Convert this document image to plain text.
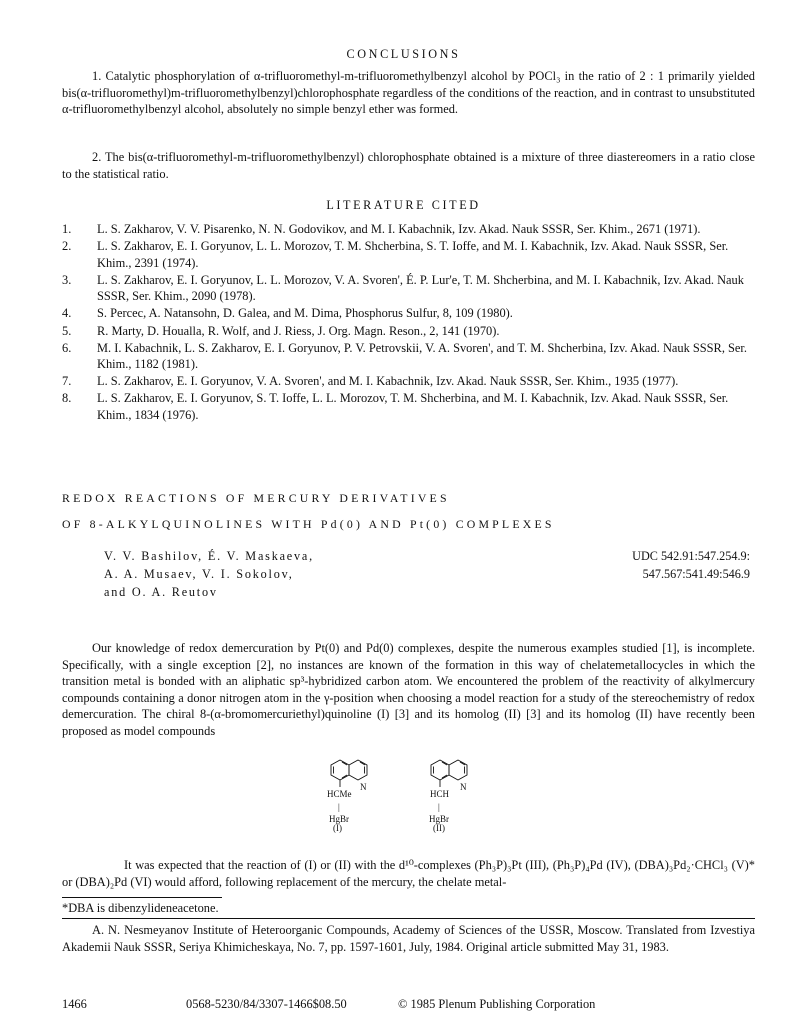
CONCLUSIONS

1. Catalytic phosphorylation of α-trifluoromethyl-m-trifluoromethylbenzyl alcohol by POCl₃ in the ratio of 2 : 1 primarily yielded bis(α-trifluoromethyl)m-trifluoromethylbenzyl)chlorophosphate regardless of the conditions of the reaction, and in contrast to unsubstituted α-trifluoromethylbenzyl alcohol, absolutely no simple benzyl ether was formed.

2. The bis(α-trifluoromethyl-m-trifluoromethylbenzyl) chlorophosphate obtained is a mixture of three diastereomers in a ratio close to the statistical ratio.

LITERATURE CITED
1. L. S. Zakharov, V. V. Pisarenko, N. N. Godovikov, and M. I. Kabachnik, Izv. Akad. Nauk SSSR, Ser. Khim., 2671 (1971).
2. L. S. Zakharov, E. I. Goryunov, L. L. Morozov, T. M. Shcherbina, S. T. Ioffe, and M. I. Kabachnik, Izv. Akad. Nauk SSSR, Ser. Khim., 2391 (1974).
3. L. S. Zakharov, E. I. Goryunov, L. L. Morozov, V. A. Svoren', É. P. Lur'e, T. M. Shcherbina, and M. I. Kabachnik, Izv. Akad. Nauk SSSR, Ser. Khim., 2090 (1978).
4. S. Percec, A. Natansohn, D. Galea, and M. Dima, Phosphorus Sulfur, 8, 109 (1980).
5. R. Marty, D. Houalla, R. Wolf, and J. Riess, J. Org. Magn. Reson., 2, 141 (1970).
6. M. I. Kabachnik, L. S. Zakharov, E. I. Goryunov, P. V. Petrovskii, V. A. Svoren', and T. M. Shcherbina, Izv. Akad. Nauk SSSR, Ser. Khim., 1182 (1981).
7. L. S. Zakharov, E. I. Goryunov, V. A. Svoren', and M. I. Kabachnik, Izv. Akad. Nauk SSSR, Ser. Khim., 1935 (1977).
8. L. S. Zakharov, E. I. Goryunov, S. T. Ioffe, L. L. Morozov, T. M. Shcherbina, and M. I. Kabachnik, Izv. Akad. Nauk SSSR, Ser. Khim., 1834 (1976).
REDOX REACTIONS OF MERCURY DERIVATIVES
OF 8-ALKYLQUINOLINES WITH Pd(0) AND Pt(0) COMPLEXES
V. V. Bashilov, É. V. Maskaeva,
A. A. Musaev, V. I. Sokolov,
and O. A. Reutov
UDC 542.91:547.254.9:
547.567:541.49:546.9

Our knowledge of redox demercuration by Pt(0) and Pd(0) complexes, despite the numerous examples studied [1], is incomplete. Specifically, with a single exception [2], no instances are known of the formation in this way of chelatemetallocycles in which the transition metal is bonded with an aliphatic sp³-hybridized carbon atom. We encountered the problem of the reactivity of alkylmercury compounds containing a donor nitrogen atom in the γ-position when choosing a model reaction for a study of the stereochemistry of redox demercuration. The chiral 8-(α-bromomercuriethyl)quinoline (I) [3] and its homolog (II) [3] and its homolog (II) have recently been proposed as model compounds

N
HCMe
|
HgBr
(I)
N
HCH
|
HgBr
(II)

It was expected that the reaction of (I) or (II) with the d¹⁰-complexes (Ph₃P)₃Pt (III), (Ph₃P)₄Pd (IV), (DBA)₃Pd₂·CHCl₃ (V)* or (DBA)₂Pd (VI) would afford, following replacement of the mercury, the chelate metal-

*DBA is dibenzylideneacetone.

A. N. Nesmeyanov Institute of Heteroorganic Compounds, Academy of Sciences of the USSR, Moscow. Translated from Izvestiya Akademii Nauk SSSR, Seriya Khimicheskaya, No. 7, pp. 1597-1601, July, 1984. Original article submitted May 31, 1983.

1466	0568-5230/84/3307-1466$08.50	© 1985 Plenum Publishing Corporation
